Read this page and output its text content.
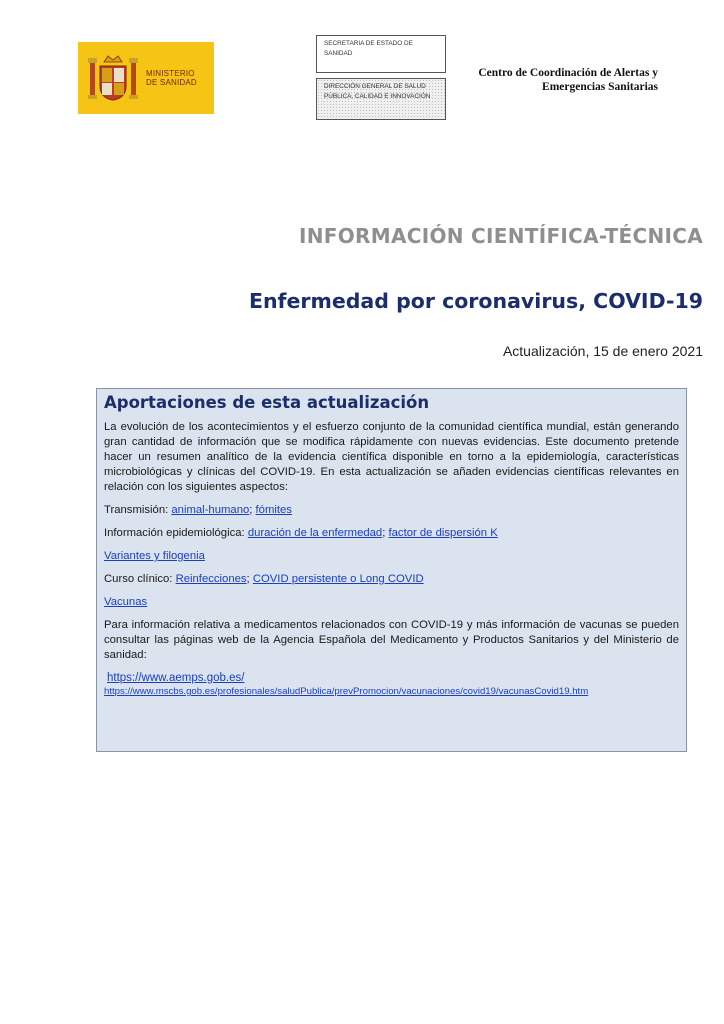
MINISTERIO
DE SANIDAD
SECRETARIA DE ESTADO DE SANIDAD
DIRECCIÓN GENERAL DE SALUD PÚBLICA, CALIDAD E INNOVACIÓN
Centro de Coordinación de Alertas y
Emergencias Sanitarias
INFORMACIÓN CIENTÍFICA-TÉCNICA
Enfermedad por coronavirus, COVID-19
Actualización, 15 de enero 2021
Aportaciones de esta actualización

La evolución de los acontecimientos y el esfuerzo conjunto de la comunidad científica mundial, están generando gran cantidad de información que se modifica rápidamente con nuevas evidencias. Este documento pretende hacer un resumen analítico de la evidencia científica disponible en torno a la epidemiología, características microbiológicas y clínicas del COVID-19. En esta actualización se añaden evidencias científicas relevantes en relación con los siguientes aspectos:

Transmisión: animal-humano; fómites

Información epidemiológica: duración de la enfermedad; factor de dispersión K

Variantes y filogenia

Curso clínico: Reinfecciones; COVID persistente o Long COVID

Vacunas

Para información relativa a medicamentos relacionados con COVID-19 y más información de vacunas se pueden consultar las páginas web de la Agencia Española del Medicamento y Productos Sanitarios y del Ministerio de sanidad:

https://www.aemps.gob.es/
https://www.mscbs.gob.es/profesionales/saludPublica/prevPromocion/vacunaciones/covid19/vacunasCovid19.htm
